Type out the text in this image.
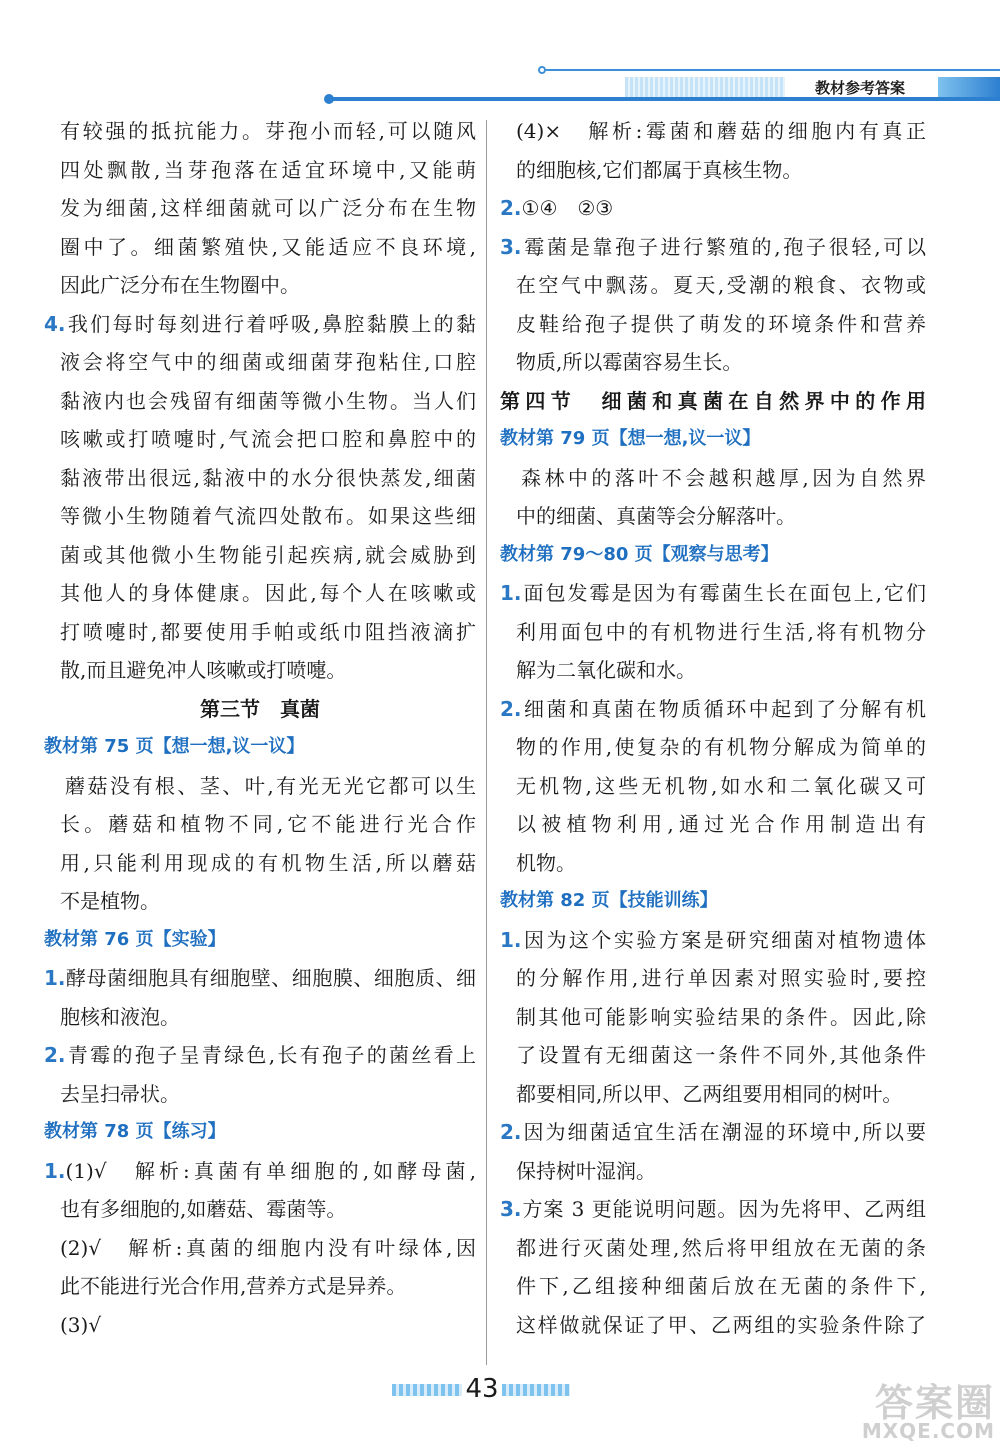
教材参考答案
有较强的抵抗能力。芽孢小而轻,可以随风
四处飘散,当芽孢落在适宜环境中,又能萌
发为细菌,这样细菌就可以广泛分布在生物
圈中了。细菌繁殖快,又能适应不良环境,
因此广泛分布在生物圈中。
4.我们每时每刻进行着呼吸,鼻腔黏膜上的黏
液会将空气中的细菌或细菌芽孢粘住,口腔
黏液内也会残留有细菌等微小生物。当人们
咳嗽或打喷嚏时,气流会把口腔和鼻腔中的
黏液带出很远,黏液中的水分很快蒸发,细菌
等微小生物随着气流四处散布。如果这些细
菌或其他微小生物能引起疾病,就会威胁到
其他人的身体健康。因此,每个人在咳嗽或
打喷嚏时,都要使用手帕或纸巾阻挡液滴扩
散,而且避免冲人咳嗽或打喷嚏。
第三节　真菌
教材第 75 页【想一想,议一议】
蘑菇没有根、茎、叶,有光无光它都可以生
长。蘑菇和植物不同,它不能进行光合作
用,只能利用现成的有机物生活,所以蘑菇
不是植物。
教材第 76 页【实验】
1.酵母菌细胞具有细胞壁、细胞膜、细胞质、细
胞核和液泡。
2.青霉的孢子呈青绿色,长有孢子的菌丝看上
去呈扫帚状。
教材第 78 页【练习】
1.(1)√　解析:真菌有单细胞的,如酵母菌,
也有多细胞的,如蘑菇、霉菌等。
(2)√　解析:真菌的细胞内没有叶绿体,因
此不能进行光合作用,营养方式是异养。
(3)√
(4)×　解析:霉菌和蘑菇的细胞内有真正
的细胞核,它们都属于真核生物。
2.①④　②③
3.霉菌是靠孢子进行繁殖的,孢子很轻,可以
在空气中飘荡。夏天,受潮的粮食、衣物或
皮鞋给孢子提供了萌发的环境条件和营养
物质,所以霉菌容易生长。
第四节　细菌和真菌在自然界中的作用
教材第 79 页【想一想,议一议】
森林中的落叶不会越积越厚,因为自然界
中的细菌、真菌等会分解落叶。
教材第 79～80 页【观察与思考】
1.面包发霉是因为有霉菌生长在面包上,它们
利用面包中的有机物进行生活,将有机物分
解为二氧化碳和水。
2.细菌和真菌在物质循环中起到了分解有机
物的作用,使复杂的有机物分解成为简单的
无机物,这些无机物,如水和二氧化碳又可
以被植物利用,通过光合作用制造出有
机物。
教材第 82 页【技能训练】
1.因为这个实验方案是研究细菌对植物遗体
的分解作用,进行单因素对照实验时,要控
制其他可能影响实验结果的条件。因此,除
了设置有无细菌这一条件不同外,其他条件
都要相同,所以甲、乙两组要用相同的树叶。
2.因为细菌适宜生活在潮湿的环境中,所以要
保持树叶湿润。
3.方案 3 更能说明问题。因为先将甲、乙两组
都进行灭菌处理,然后将甲组放在无菌的条
件下,乙组接种细菌后放在无菌的条件下,
这样做就保证了甲、乙两组的实验条件除了
43	答案圈
MXQE.COM
